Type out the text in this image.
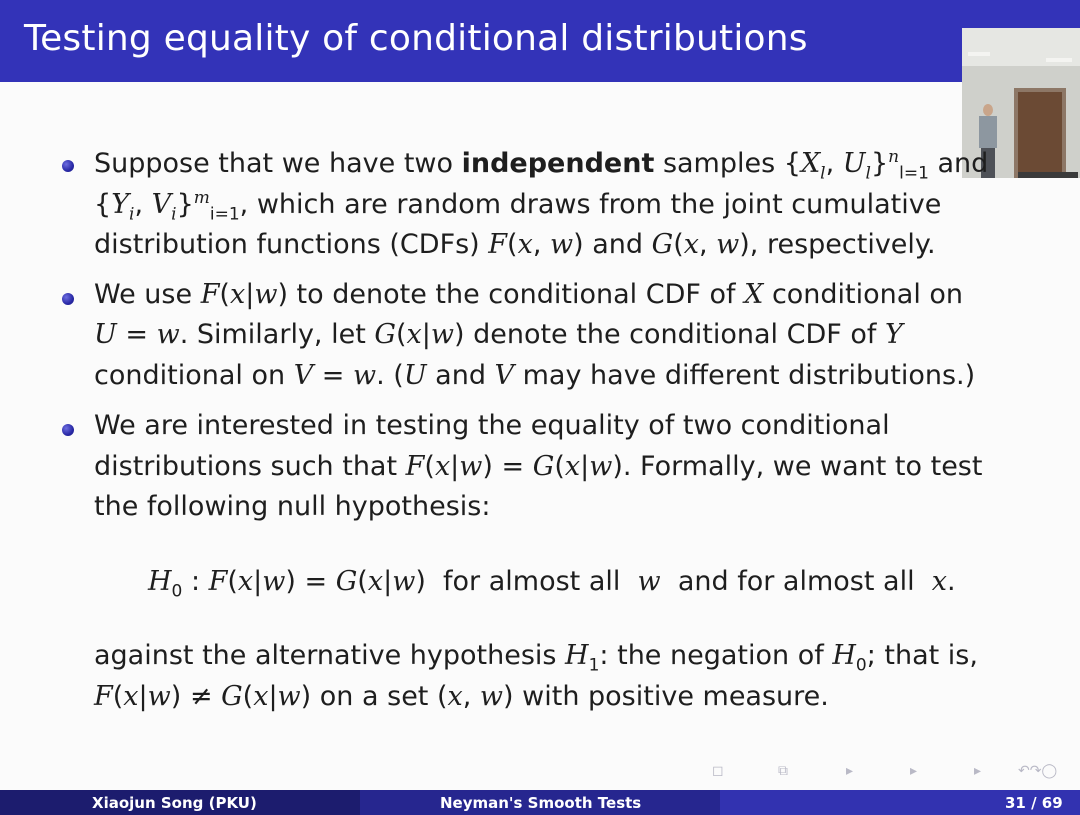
Testing equality of conditional distributions
Suppose that we have two independent samples {$X_l$, $U_l\}^n_{l=1}$ and
{$Y_i$, $V_i\}^m_{i=1}$, which are random draws from the joint cumulative
distribution functions (CDFs) F(x, w) and G(x, w), respectively.
We use F(x|w) to denote the conditional CDF of X conditional on
U = w. Similarly, let G(x|w) denote the conditional CDF of Y
conditional on V = w. (U and V may have different distributions.)
We are interested in testing the equality of two conditional
distributions such that F(x|w) = G(x|w). Formally, we want to test
the following null hypothesis:
$H_0$ : F(x|w) = G(x|w)  for almost all  w  and for almost all  x.
against the alternative hypothesis $H_1$: the negation of $H_0$; that is,
F(x|w) ≠ G(x|w) on a set (x, w) with positive measure.
◻	⧉	▸	▸	▸	↶↷◯
Xiaojun Song (PKU)	Neyman's Smooth Tests	31 / 69
